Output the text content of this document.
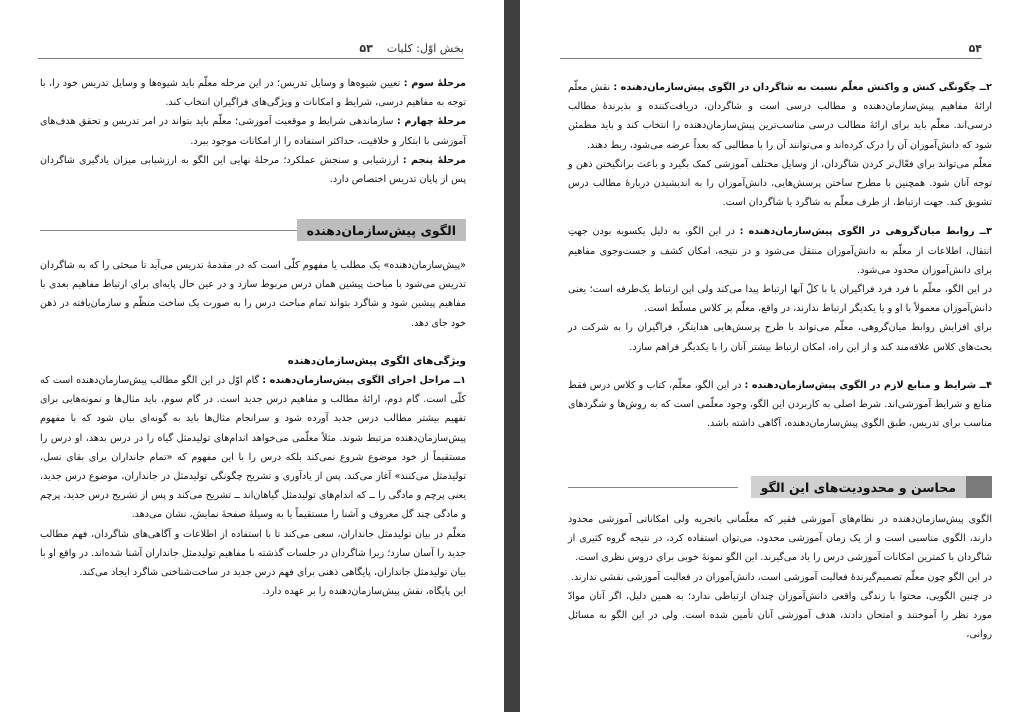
بخش اوّل: کلیات    ۵۳

مرحلهٔ سوم : تعیین شیوه‌ها و وسایل تدریس؛ در این مرحله معلّم باید شیوه‌ها و وسایل تدریس خود را، با توجه به مفاهیم درسی، شرایط و امکانات و ویژگی‌های فراگیران انتخاب کند.

مرحلهٔ چهارم : سازماندهی شرایط و موقعیت آموزشی؛ معلّم باید بتواند در امر تدریس و تحقق هدف‌های آموزشی با ابتکار و خلاقیت، حداکثر استفاده را از امکانات موجود ببرد.

مرحلهٔ پنجم : ارزشیابی و سنجش عملکرد؛ مرحلهٔ نهایی این الگو به ارزشیابی میزان یادگیری شاگردان پس از پایان تدریس اختصاص دارد.

الگوی پیش‌سازمان‌دهنده

«پیش‌سازمان‌دهنده» یک مطلب یا مفهوم کلّی است که در مقدمهٔ تدریس می‌آید تا مبحثی را که به شاگردان تدریس می‌شود با مباحث پیشین همان درس مربوط سازد و در عین حال پایه‌ای برای ارتباط مفاهیم بعدی با مفاهیم پیشین شود و شاگرد بتواند تمام مباحث درس را به صورت یک ساخت منظّم و سازمان‌یافته در ذهن خود جای دهد.

ویژگی‌های الگوی پیش‌سازمان‌دهنده

۱ــ مراحل اجرای الگوی پیش‌سازمان‌دهنده : گام اوّل در این الگو مطالب پیش‌سازمان‌دهنده است که کلّی است. گام دوم، ارائهٔ مطالب و مفاهیم درس جدید است. در گام سوم، باید مثال‌ها و نمونه‌هایی برای تفهیم بیشتر مطالب درس جدید آورده شود و سرانجام مثال‌ها باید به گونه‌ای بیان شود که با مفهوم پیش‌سازمان‌دهنده مرتبط شوند. مثلاً معلّمی می‌خواهد اندام‌های تولیدمثل گیاه را در درس بدهد، او درس را مستقیماً از خود موضوع شروع نمی‌کند بلکه درس را با این مفهوم که «تمام جانداران برای بقای نسل، تولیدمثل می‌کنند» آغاز می‌کند. پس از یادآوری و تشریح چگونگی تولیدمثل در جانداران، موضوع درس جدید، یعنی پرچم و مادگی را ــ که اندام‌های تولیدمثل گیاهان‌اند ــ تشریح می‌کند و پس از تشریح درس جدید، پرچم و مادگی چند گل معروف و آشنا را مستقیماً یا به وسیلهٔ صفحهٔ نمایش، نشان می‌دهد.

معلّم در بیان تولیدمثل جانداران، سعی می‌کند تا با استفاده از اطلاعات و آگاهی‌های شاگردان، فهم مطالب جدید را آسان سازد؛ زیرا شاگردان در جلسات گذشته با مفاهیم تولیدمثل جانداران آشنا شده‌اند. در واقع او با بیان تولیدمثل جانداران، پایگاهی ذهنی برای فهم درس جدید در ساخت‌شناختی شاگرد ایجاد می‌کند.

این پایگاه، نقش پیش‌سازمان‌دهنده را بر عهده دارد.

۵۴

۲ــ چگونگی کنش و واکنش معلّم نسبت به شاگردان در الگوی پیش‌سازمان‌دهنده : نقش معلّم ارائهٔ مفاهیم پیش‌سازمان‌دهنده و مطالب درسی است و شاگردان، دریافت‌کننده و بذیرندهٔ مطالب درسی‌اند. معلّم باید برای ارائهٔ مطالب درسی مناسب‌ترین پیش‌سازمان‌دهنده را انتخاب کند و باید مطمئن شود که دانش‌آموزان آن را درک کرده‌اند و می‌توانند آن را با مطالبی که بعداً عرضه می‌شود، ربط دهند.

معلّم می‌تواند برای فعّال‌تر کردن شاگردان، از وسایل مختلف آموزشی کمک بگیرد و باعث برانگیختن ذهن و توجه آنان شود. همچنین با مطرح ساختن پرسش‌هایی، دانش‌آموزان را به اندیشیدن دربارهٔ مطالب درس تشویق کند. جهت ارتباط، از طرف معلّم به شاگرد یا شاگردان است.

۳ــ روابط میان‌گروهی در الگوی پیش‌سازمان‌دهنده : در این الگو، به دلیل یکسویه بودن جهتِ انتقال، اطلاعات از معلّم به دانش‌آموزان منتقل می‌شود و در نتیجه، امکان کشف و جست‌وجوی مفاهیم برای دانش‌آموزان محدود می‌شود.

در این الگو، معلّم با فرد فرد فراگیران یا با کلّ آنها ارتباط پیدا می‌کند ولی این ارتباط یک‌طرفه است؛ یعنی دانش‌آموزان معمولاً با او و یا یکدیگر ارتباط ندارند، در واقع، معلّم بر کلاس مسلّط است.

برای افزایش روابط میان‌گروهی، معلّم می‌تواند با طرح پرسش‌هایی هدایتگر، فراگیران را به شرکت در بحث‌های کلاس علاقه‌مند کند و از این راه، امکان ارتباط بیشتر آنان را با یکدیگر فراهم سازد.

۴ــ شرایط و منابع لازم در الگوی پیش‌سازمان‌دهنده : در این الگو، معلّم، کتاب و کلاس درس فقط منابع و شرایط آموزشی‌اند. شرط اصلی به کاربردن این الگو، وجود معلّمی است که به روش‌ها و شگردهای مناسب برای تدریس، طبق الگوی پیش‌سازمان‌دهنده، آگاهی داشته باشد.

محاسن و محدودیت‌های این الگو

الگوی پیش‌سازمان‌دهنده در نظام‌های آموزشی فقیر که معلّمانی باتجربه ولی امکاناتی آموزشی محدود دارند، الگوی مناسبی است و از یک زمان آموزشی محدود، می‌توان استفاده کرد، در نتیجه گروه کثیری از شاگردان با کمترین امکانات آموزشی درس را یاد می‌گیرند. این الگو نمونهٔ خوبی برای دروس نظری است.

در این الگو چون معلّم تصمیم‌گیرندهٔ فعالیت آموزشی است، دانش‌آموزان در فعالیت آموزشی نقشی ندارند.

در چنین الگویی، محتوا با زندگی واقعی دانش‌آموزان چندان ارتباطی ندارد؛ به همین دلیل، اگر آنان موادّ مورد نظر را آموختند و امتحان دادند، هدف آموزشی آنان تأمین شده است. ولی در این الگو به مسائل روانی،
